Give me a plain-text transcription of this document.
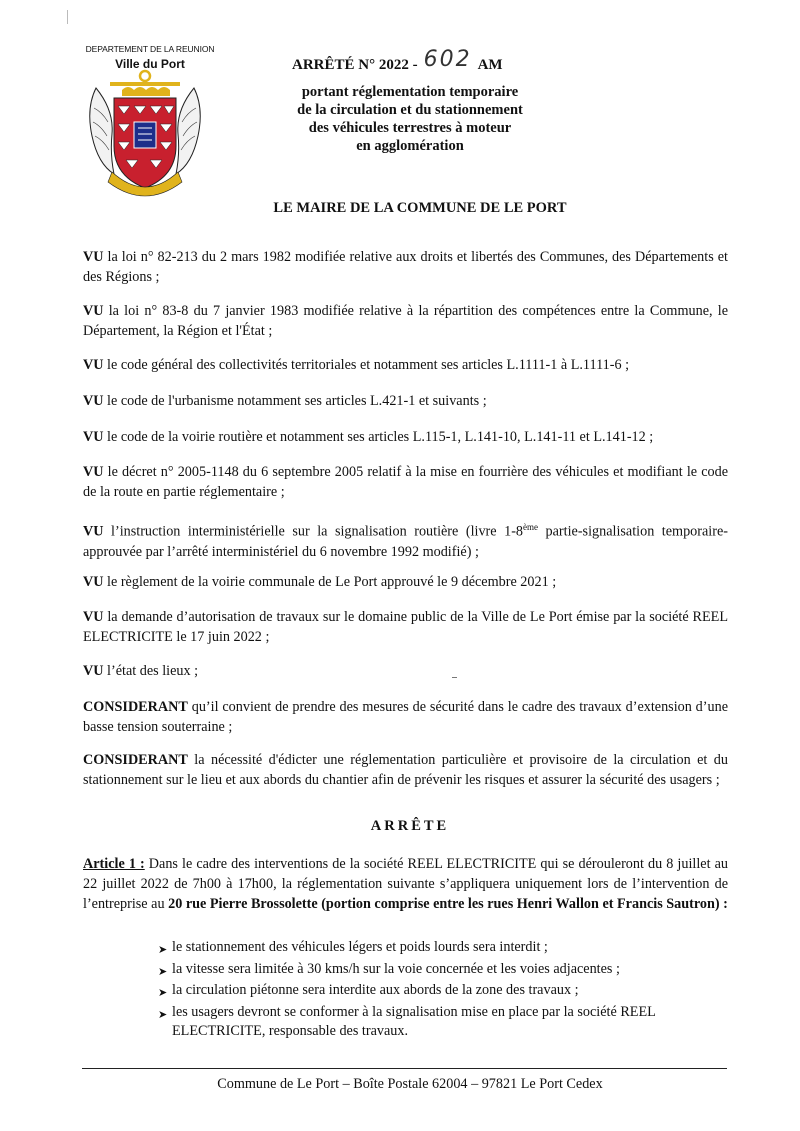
DEPARTEMENT DE LA REUNION
Ville du Port	ARRÊTÉ N° 2022 - 602 AM
portant réglementation temporaire
de la circulation et du stationnement
des véhicules terrestres à moteur
en agglomération
LE MAIRE DE LA COMMUNE DE LE PORT
VU la loi n° 82-213 du 2 mars 1982 modifiée relative aux droits et libertés des Communes, des Départements et des Régions ;
VU la loi n° 83-8 du 7 janvier 1983 modifiée relative à la répartition des compétences entre la Commune, le Département, la Région et l'État ;
VU le code général des collectivités territoriales et notamment ses articles L.1111-1 à L.1111-6 ;
VU le code de l'urbanisme notamment ses articles L.421-1 et suivants ;
VU le code de la voirie routière et notamment ses articles L.115-1, L.141-10, L.141-11 et L.141-12 ;
VU le décret n° 2005-1148 du 6 septembre 2005 relatif à la mise en fourrière des véhicules et modifiant le code de la route en partie réglementaire ;
VU l’instruction interministérielle sur la signalisation routière (livre 1-8ème partie-signalisation temporaire-approuvée par l’arrêté interministériel du 6 novembre 1992 modifié) ;
VU le règlement de la voirie communale de Le Port approuvé le 9 décembre 2021 ;
VU la demande d’autorisation de travaux sur le domaine public de la Ville de Le Port émise par la société REEL ELECTRICITE le 17 juin 2022 ;
VU l’état des lieux ;
CONSIDERANT qu’il convient de prendre des mesures de sécurité dans le cadre des travaux d’extension d’une basse tension souterraine ;
CONSIDERANT la nécessité d'édicter une réglementation particulière et provisoire de la circulation et du stationnement sur le lieu et aux abords du chantier afin de prévenir les risques et assurer la sécurité des usagers ;
ARRÊTE
Article 1 : Dans le cadre des interventions de la société REEL ELECTRICITE qui se dérouleront du 8 juillet au 22 juillet 2022 de 7h00 à 17h00, la réglementation suivante s’appliquera uniquement lors de l’intervention de l’entreprise au 20 rue Pierre Brossolette (portion comprise entre les rues Henri Wallon et Francis Sautron) :
➤ le stationnement des véhicules légers et poids lourds sera interdit ;
➤ la vitesse sera limitée à 30 kms/h sur la voie concernée et les voies adjacentes ;
➤ la circulation piétonne sera interdite aux abords de la zone des travaux ;
➤ les usagers devront se conformer à la signalisation mise en place par la société REEL ELECTRICITE, responsable des travaux.
Commune de Le Port – Boîte Postale 62004 – 97821 Le Port Cedex
